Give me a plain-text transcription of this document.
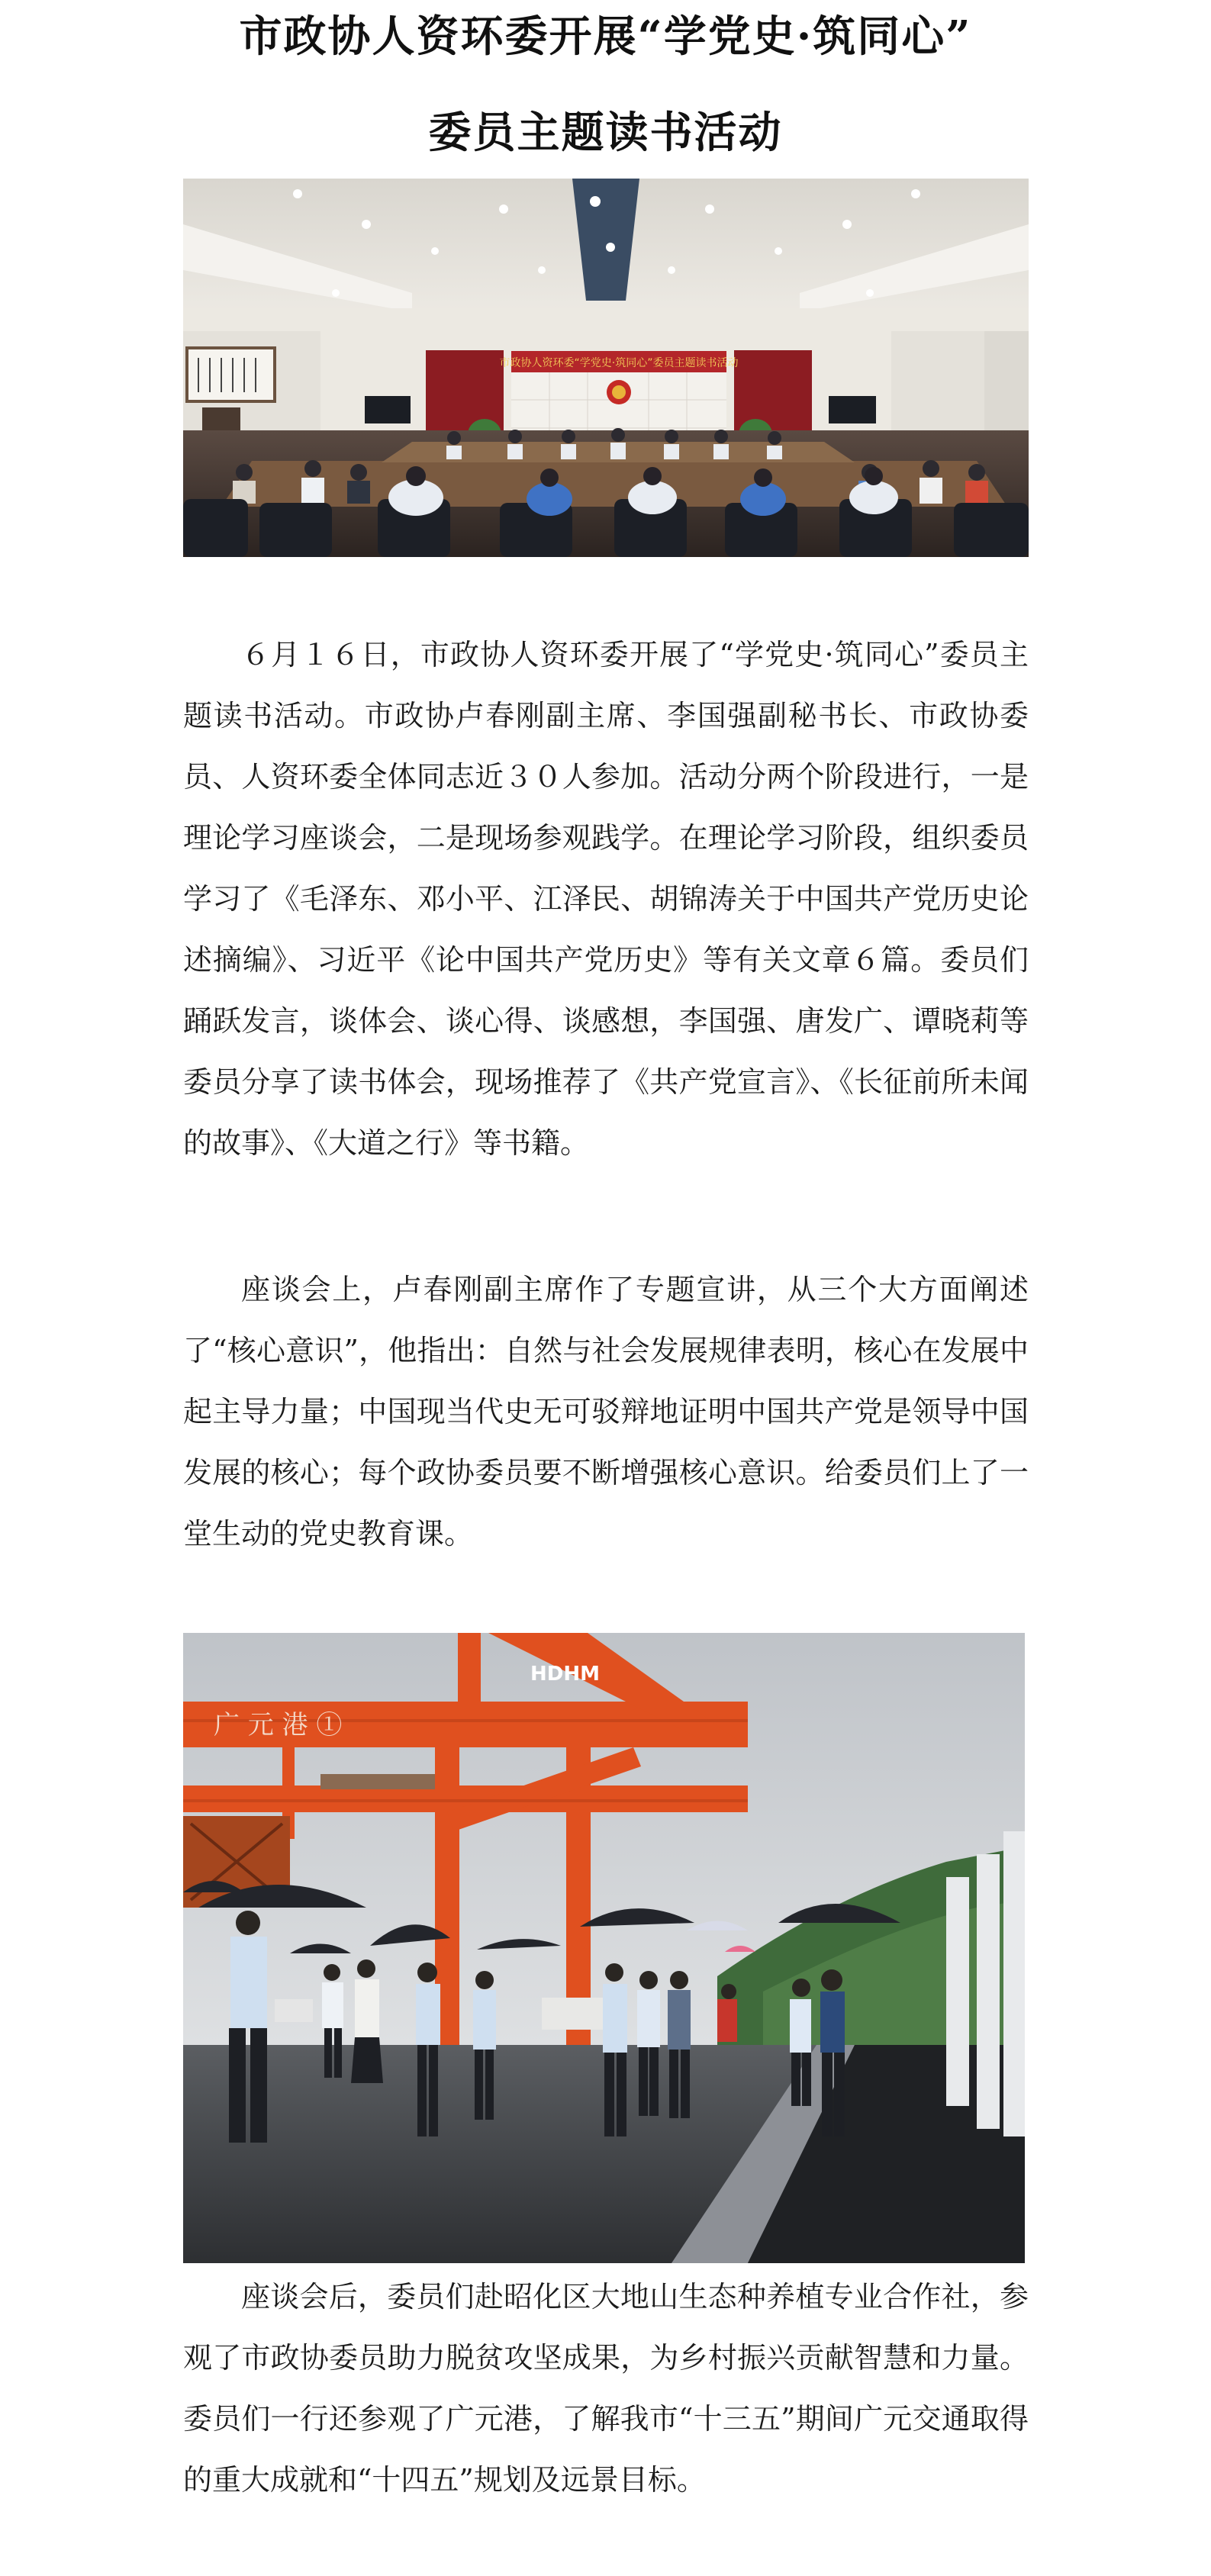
市政协人资环委开展“学党史·筑同心”
委员主题读书活动
市政协人资环委“学党史·筑同心”委员主题读书活动

６月１６日，市政协人资环委开展了“学党史·筑同心”委员主题读书活动。市政协卢春刚副主席、李国强副秘书长、市政协委员、人资环委全体同志近３０人参加。活动分两个阶段进行，一是理论学习座谈会，二是现场参观践学。在理论学习阶段，组织委员学习了《毛泽东、邓小平、江泽民、胡锦涛关于中国共产党历史论述摘编》、习近平《论中国共产党历史》等有关文章６篇。委员们踊跃发言，谈体会、谈心得、谈感想，李国强、唐发广、谭晓莉等委员分享了读书体会，现场推荐了《共产党宣言》、《长征前所未闻的故事》、《大道之行》等书籍。

座谈会上，卢春刚副主席作了专题宣讲，从三个大方面阐述了“核心意识”，他指出：自然与社会发展规律表明，核心在发展中起主导力量；中国现当代史无可驳辩地证明中国共产党是领导中国发展的核心；每个政协委员要不断增强核心意识。给委员们上了一堂生动的党史教育课。

广 元 港 ①
HDHM

座谈会后，委员们赴昭化区大地山生态种养植专业合作社，参观了市政协委员助力脱贫攻坚成果，为乡村振兴贡献智慧和力量。委员们一行还参观了广元港，了解我市“十三五”期间广元交通取得的重大成就和“十四五”规划及远景目标。
